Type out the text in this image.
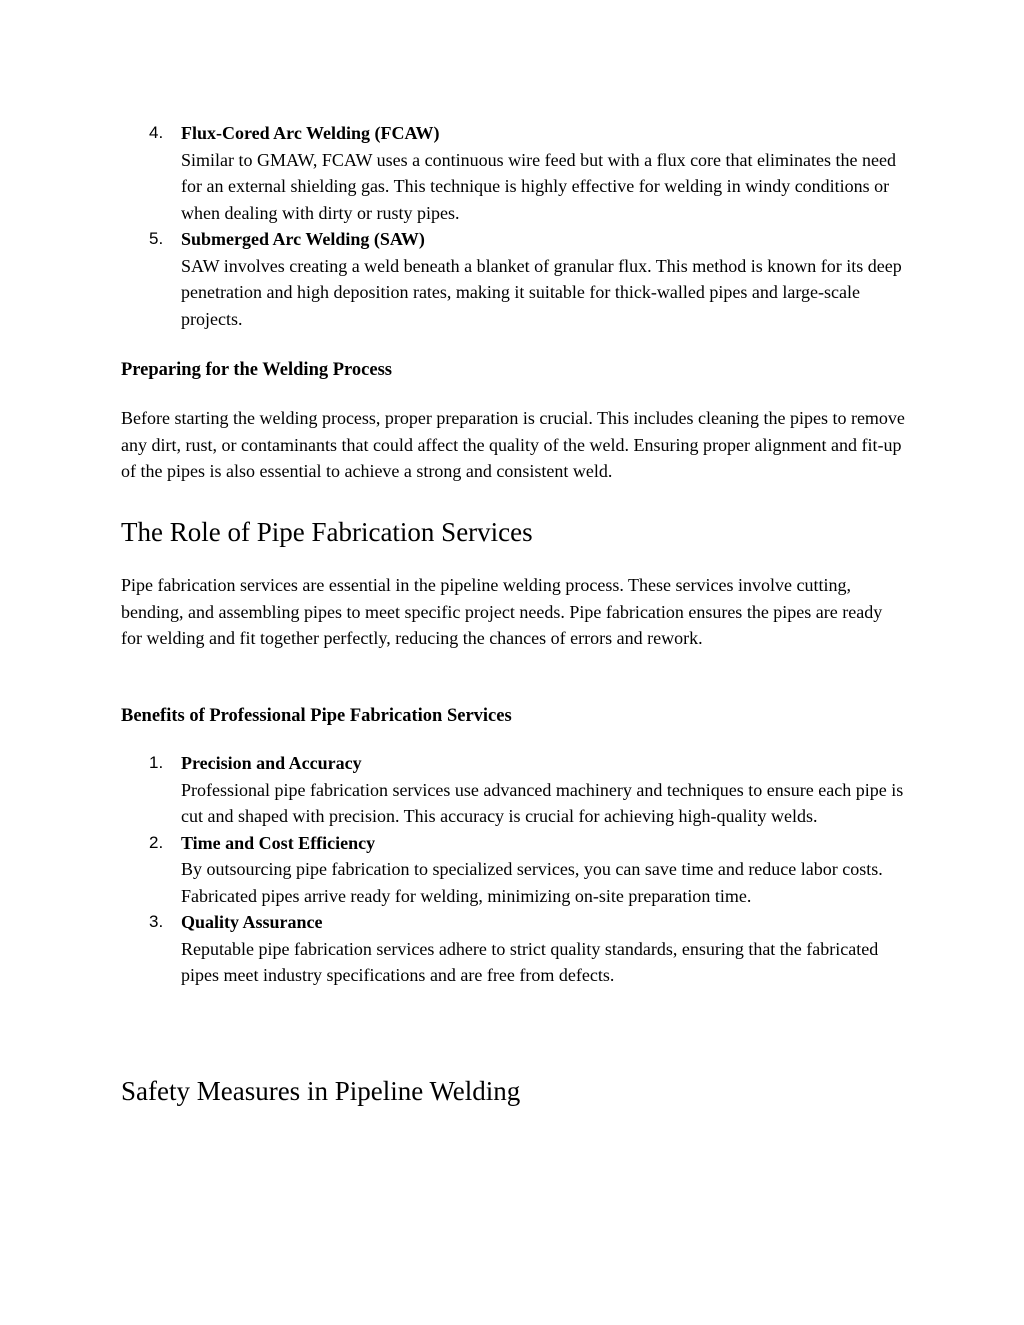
4. Flux-Cored Arc Welding (FCAW)
Similar to GMAW, FCAW uses a continuous wire feed but with a flux core that eliminates the need for an external shielding gas. This technique is highly effective for welding in windy conditions or when dealing with dirty or rusty pipes.
5. Submerged Arc Welding (SAW)
SAW involves creating a weld beneath a blanket of granular flux. This method is known for its deep penetration and high deposition rates, making it suitable for thick-walled pipes and large-scale projects.
Preparing for the Welding Process

Before starting the welding process, proper preparation is crucial. This includes cleaning the pipes to remove any dirt, rust, or contaminants that could affect the quality of the weld. Ensuring proper alignment and fit-up of the pipes is also essential to achieve a strong and consistent weld.

The Role of Pipe Fabrication Services

Pipe fabrication services are essential in the pipeline welding process. These services involve cutting, bending, and assembling pipes to meet specific project needs. Pipe fabrication ensures the pipes are ready for welding and fit together perfectly, reducing the chances of errors and rework.

Benefits of Professional Pipe Fabrication Services
1. Precision and Accuracy
Professional pipe fabrication services use advanced machinery and techniques to ensure each pipe is cut and shaped with precision. This accuracy is crucial for achieving high-quality welds.
2. Time and Cost Efficiency
By outsourcing pipe fabrication to specialized services, you can save time and reduce labor costs. Fabricated pipes arrive ready for welding, minimizing on-site preparation time.
3. Quality Assurance
Reputable pipe fabrication services adhere to strict quality standards, ensuring that the fabricated pipes meet industry specifications and are free from defects.
Safety Measures in Pipeline Welding
